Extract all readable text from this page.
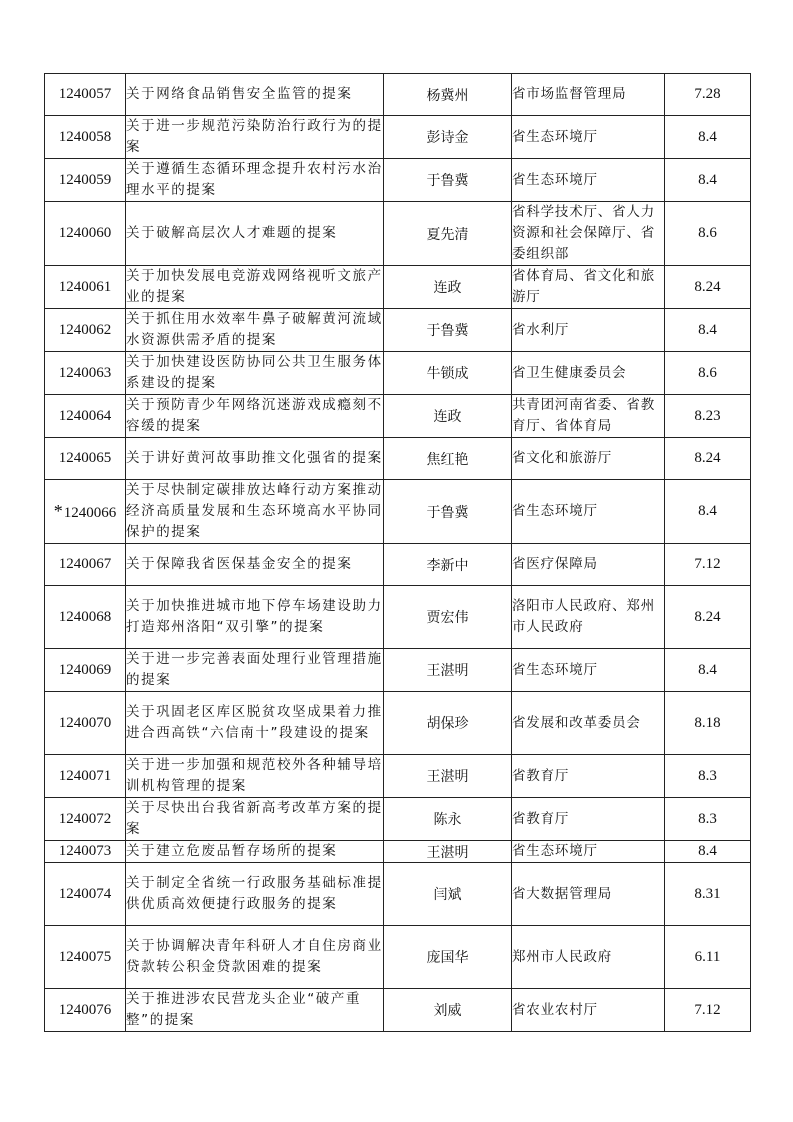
1240057	关于网络食品销售安全监管的提案	杨冀州	省市场监督管理局	7.28
1240058	关于进一步规范污染防治行政行为的提案	彭诗金	省生态环境厅	8.4
1240059	关于遵循生态循环理念提升农村污水治理水平的提案	于鲁冀	省生态环境厅	8.4
1240060	关于破解高层次人才难题的提案	夏先清	省科学技术厅、省人力资源和社会保障厅、省委组织部	8.6
1240061	关于加快发展电竞游戏网络视听文旅产业的提案	连政	省体育局、省文化和旅游厅	8.24
1240062	关于抓住用水效率牛鼻子破解黄河流域水资源供需矛盾的提案	于鲁冀	省水利厅	8.4
1240063	关于加快建设医防协同公共卫生服务体系建设的提案	牛锁成	省卫生健康委员会	8.6
1240064	关于预防青少年网络沉迷游戏成瘾刻不容缓的提案	连政	共青团河南省委、省教育厅、省体育局	8.23
1240065	关于讲好黄河故事助推文化强省的提案	焦红艳	省文化和旅游厅	8.24
*1240066	关于尽快制定碳排放达峰行动方案推动经济高质量发展和生态环境高水平协同保护的提案	于鲁冀	省生态环境厅	8.4
1240067	关于保障我省医保基金安全的提案	李新中	省医疗保障局	7.12
1240068	关于加快推进城市地下停车场建设助力打造郑州洛阳“双引擎”的提案	贾宏伟	洛阳市人民政府、郑州市人民政府	8.24
1240069	关于进一步完善表面处理行业管理措施的提案	王湛明	省生态环境厅	8.4
1240070	关于巩固老区库区脱贫攻坚成果着力推进合西高铁“六信南十”段建设的提案	胡保珍	省发展和改革委员会	8.18
1240071	关于进一步加强和规范校外各种辅导培训机构管理的提案	王湛明	省教育厅	8.3
1240072	关于尽快出台我省新高考改革方案的提案	陈永	省教育厅	8.3
1240073	关于建立危废品暂存场所的提案	王湛明	省生态环境厅	8.4
1240074	关于制定全省统一行政服务基础标准提供优质高效便捷行政服务的提案	闫斌	省大数据管理局	8.31
1240075	关于协调解决青年科研人才自住房商业贷款转公积金贷款困难的提案	庞国华	郑州市人民政府	6.11
1240076	关于推进涉农民营龙头企业“破产重整”的提案	刘威	省农业农村厅	7.12
